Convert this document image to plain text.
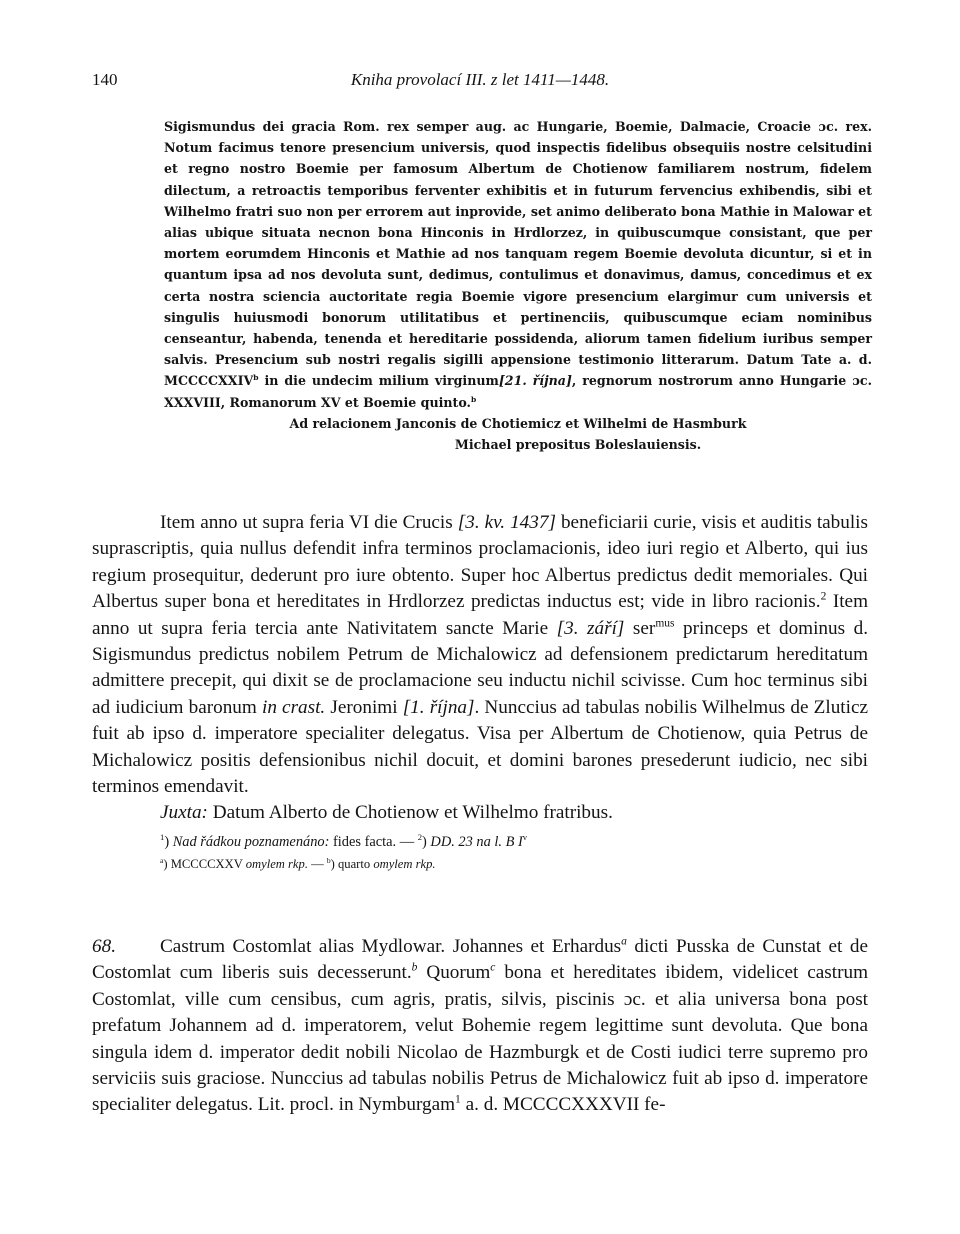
140	Kniha provolací III. z let 1411—1448.

Sigismundus dei gracia Rom. rex semper aug. ac Hungarie, Boemie, Dalmacie, Croacie ɔc. rex. Notum facimus tenore presencium universis, quod inspectis fidelibus obsequiis nostre celsitudini et regno nostro Boemie per famosum Albertum de Chotienow familiarem nostrum, fidelem dilectum, a retroactis temporibus ferventer exhibitis et in futurum fervencius exhibendis, sibi et Wilhelmo fratri suo non per errorem aut inprovide, set animo deliberato bona Mathie in Malowar et alias ubique situata necnon bona Hinconis in Hrdlorzez, in quibuscumque consistant, que per mortem eorumdem Hinconis et Mathie ad nos tanquam regem Boemie devoluta dicuntur, si et in quantum ipsa ad nos devoluta sunt, dedimus, contulimus et donavimus, damus, concedimus et ex certa nostra sciencia auctoritate regia Boemie vigore presencium elargimur cum universis et singulis huiusmodi bonorum utilitatibus et pertinenciis, quibuscumque eciam nominibus censeantur, habenda, tenenda et hereditarie possidenda, aliorum tamen fidelium iuribus semper salvis. Presencium sub nostri regalis sigilli appensione testimonio litterarum. Datum Tate a. d. MCCCCXXIV$^b$ in die undecim milium virginum[21. října], regnorum nostrorum anno Hungarie ɔc. XXXVIII, Romanorum XV et Boemie quinto.$^b$

Ad relacionem Janconis de Chotiemicz et Wilhelmi de Hasmburk

Michael prepositus Boleslauiensis.

Item anno ut supra feria VI die Crucis [3. kv. 1437] beneficiarii curie, visis et auditis tabulis suprascriptis, quia nullus defendit infra terminos proclamacionis, ideo iuri regio et Alberto, qui ius regium prosequitur, dederunt pro iure obtento. Super hoc Albertus predictus dedit memoriales. Qui Albertus super bona et hereditates in Hrdlorzez predictas inductus est; vide in libro racionis.$^2$ Item anno ut supra feria tercia ante Nativitatem sancte Marie [3. září] ser$^{mus}$ princeps et dominus d. Sigismundus predictus nobilem Petrum de Michalowicz ad defensionem predictarum hereditatum admittere precepit, qui dixit se de proclamacione seu inductu nichil scivisse. Cum hoc terminus sibi ad iudicium baronum in crast. Jeronimi [1. října]. Nunccius ad tabulas nobilis Wilhelmus de Zluticz fuit ab ipso d. imperatore specialiter delegatus. Visa per Albertum de Chotienow, quia Petrus de Michalowicz positis defensionibus nichil docuit, et domini barones presederunt iudicio, nec sibi terminos emendavit.

Juxta: Datum Alberto de Chotienow et Wilhelmo fratribus.

$^1$) Nad řádkou poznamenáno: fides facta. — $^2$) DD. 23 na l. B $I^v$
$^a$) MCCCCXXV omylem rkp. — $^b$) quarto omylem rkp.

68. Castrum Costomlat alias Mydlowar. Johannes et Erhardus$^a$ dicti Pusska de Cunstat et de Costomlat cum liberis suis decesserunt.$^b$ Quorum$^c$ bona et hereditates ibidem, videlicet castrum Costomlat, ville cum censibus, cum agris, pratis, silvis, piscinis ɔc. et alia universa bona post prefatum Johannem ad d. imperatorem, velut Bohemie regem legittime sunt devoluta. Que bona singula idem d. imperator dedit nobili Nicolao de Hazmburgk et de Costi iudici terre supremo pro serviciis suis graciose. Nunccius ad tabulas nobilis Petrus de Michalowicz fuit ab ipso d. imperatore specialiter delegatus. Lit. procl. in Nymburgam$^1$ a. d. MCCCCXXXVII fe-
